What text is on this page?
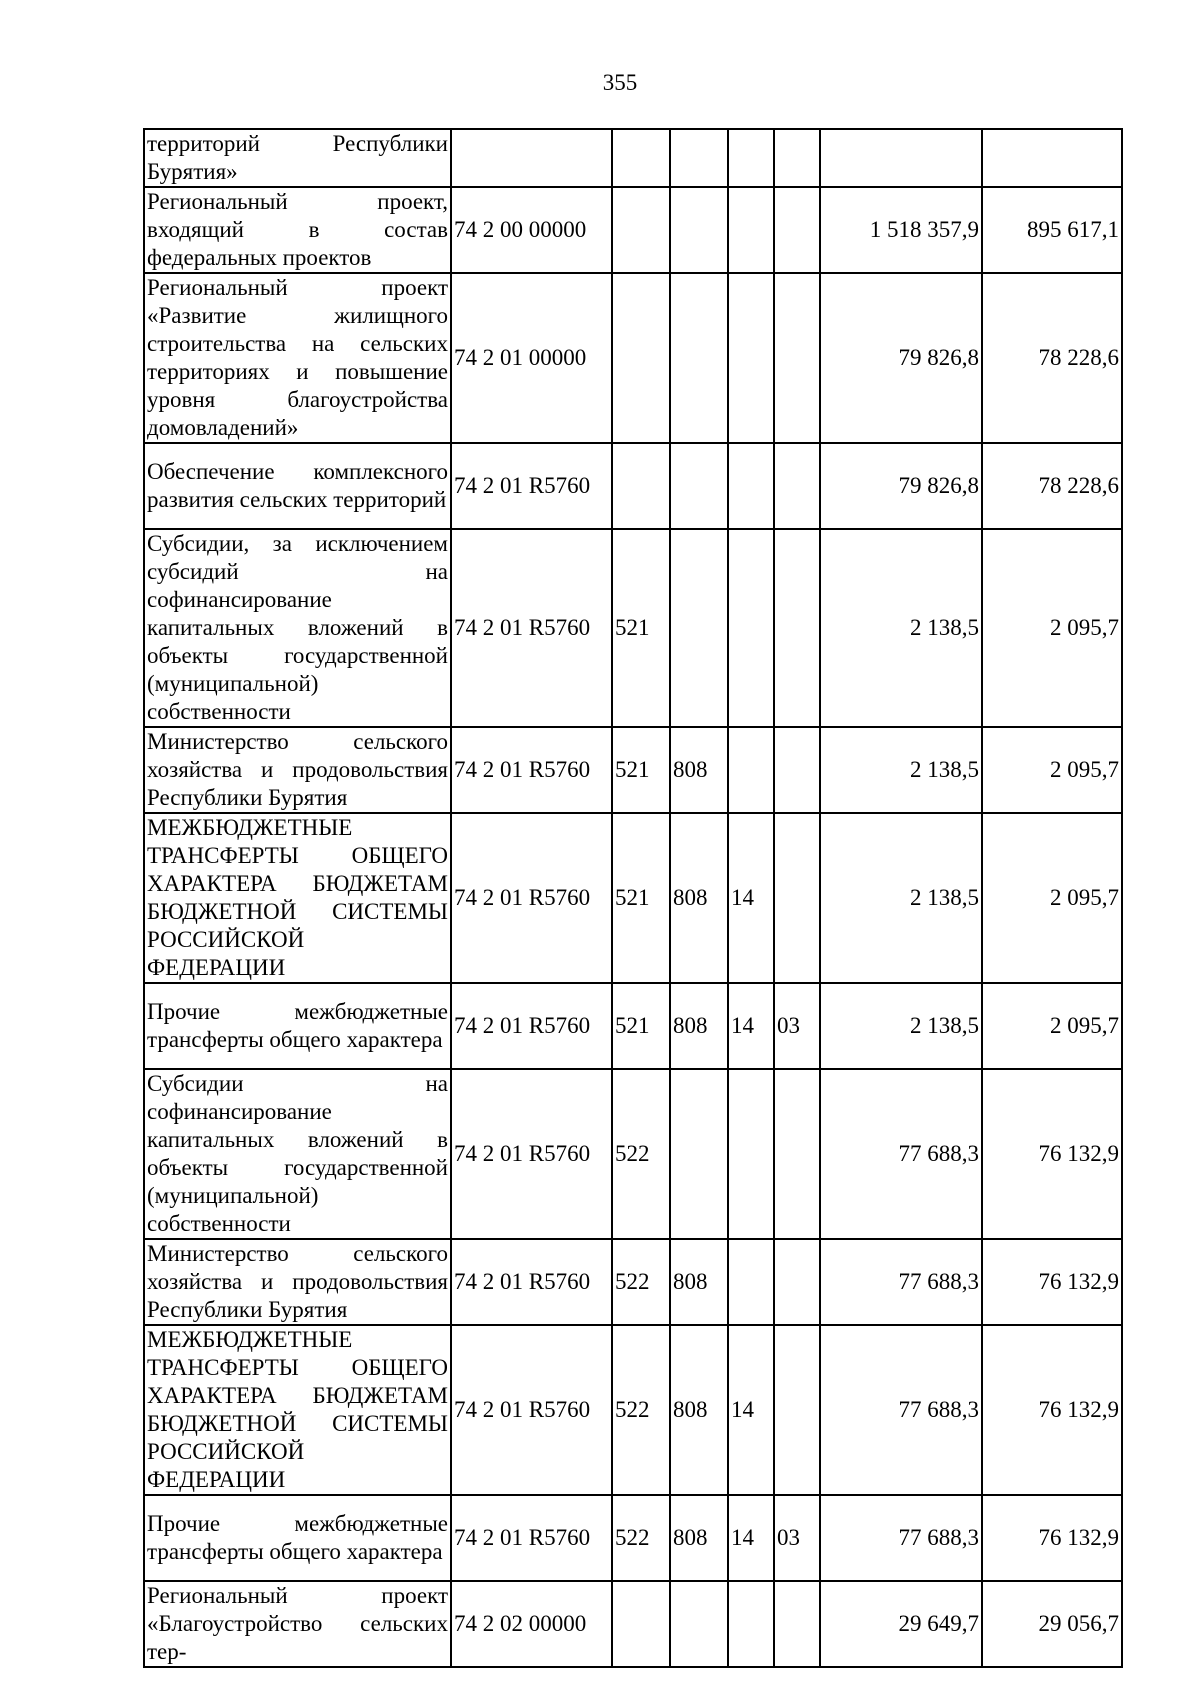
355
территорий Республики Бурятия»							
Региональный проект, входящий в состав федеральных проектов	74 2 00 00000					1 518 357,9	895 617,1
Региональный проект «Развитие жилищного строительства на сельских территориях и повышение уровня благоустройства домовладений»	74 2 01 00000					79 826,8	78 228,6
Обеспечение комплексного развития сельских территорий	74 2 01 R5760					79 826,8	78 228,6
Субсидии, за исключением субсидий на софинансирование капитальных вложений в объекты государственной (муниципальной) собственности	74 2 01 R5760	521				2 138,5	2 095,7
Министерство сельского хозяйства и продовольствия Республики Бурятия	74 2 01 R5760	521	808			2 138,5	2 095,7
МЕЖБЮДЖЕТНЫЕ ТРАНСФЕРТЫ ОБЩЕГО ХАРАКТЕРА БЮДЖЕТАМ БЮДЖЕТНОЙ СИСТЕМЫ РОССИЙСКОЙ ФЕДЕРАЦИИ	74 2 01 R5760	521	808	14		2 138,5	2 095,7
Прочие межбюджетные трансферты общего характера	74 2 01 R5760	521	808	14	03	2 138,5	2 095,7
Субсидии на софинансирование капитальных вложений в объекты государственной (муниципальной) собственности	74 2 01 R5760	522				77 688,3	76 132,9
Министерство сельского хозяйства и продовольствия Республики Бурятия	74 2 01 R5760	522	808			77 688,3	76 132,9
МЕЖБЮДЖЕТНЫЕ ТРАНСФЕРТЫ ОБЩЕГО ХАРАКТЕРА БЮДЖЕТАМ БЮДЖЕТНОЙ СИСТЕМЫ РОССИЙСКОЙ ФЕДЕРАЦИИ	74 2 01 R5760	522	808	14		77 688,3	76 132,9
Прочие межбюджетные трансферты общего характера	74 2 01 R5760	522	808	14	03	77 688,3	76 132,9
Региональный проект «Благоустройство сельских тер-	74 2 02 00000					29 649,7	29 056,7
